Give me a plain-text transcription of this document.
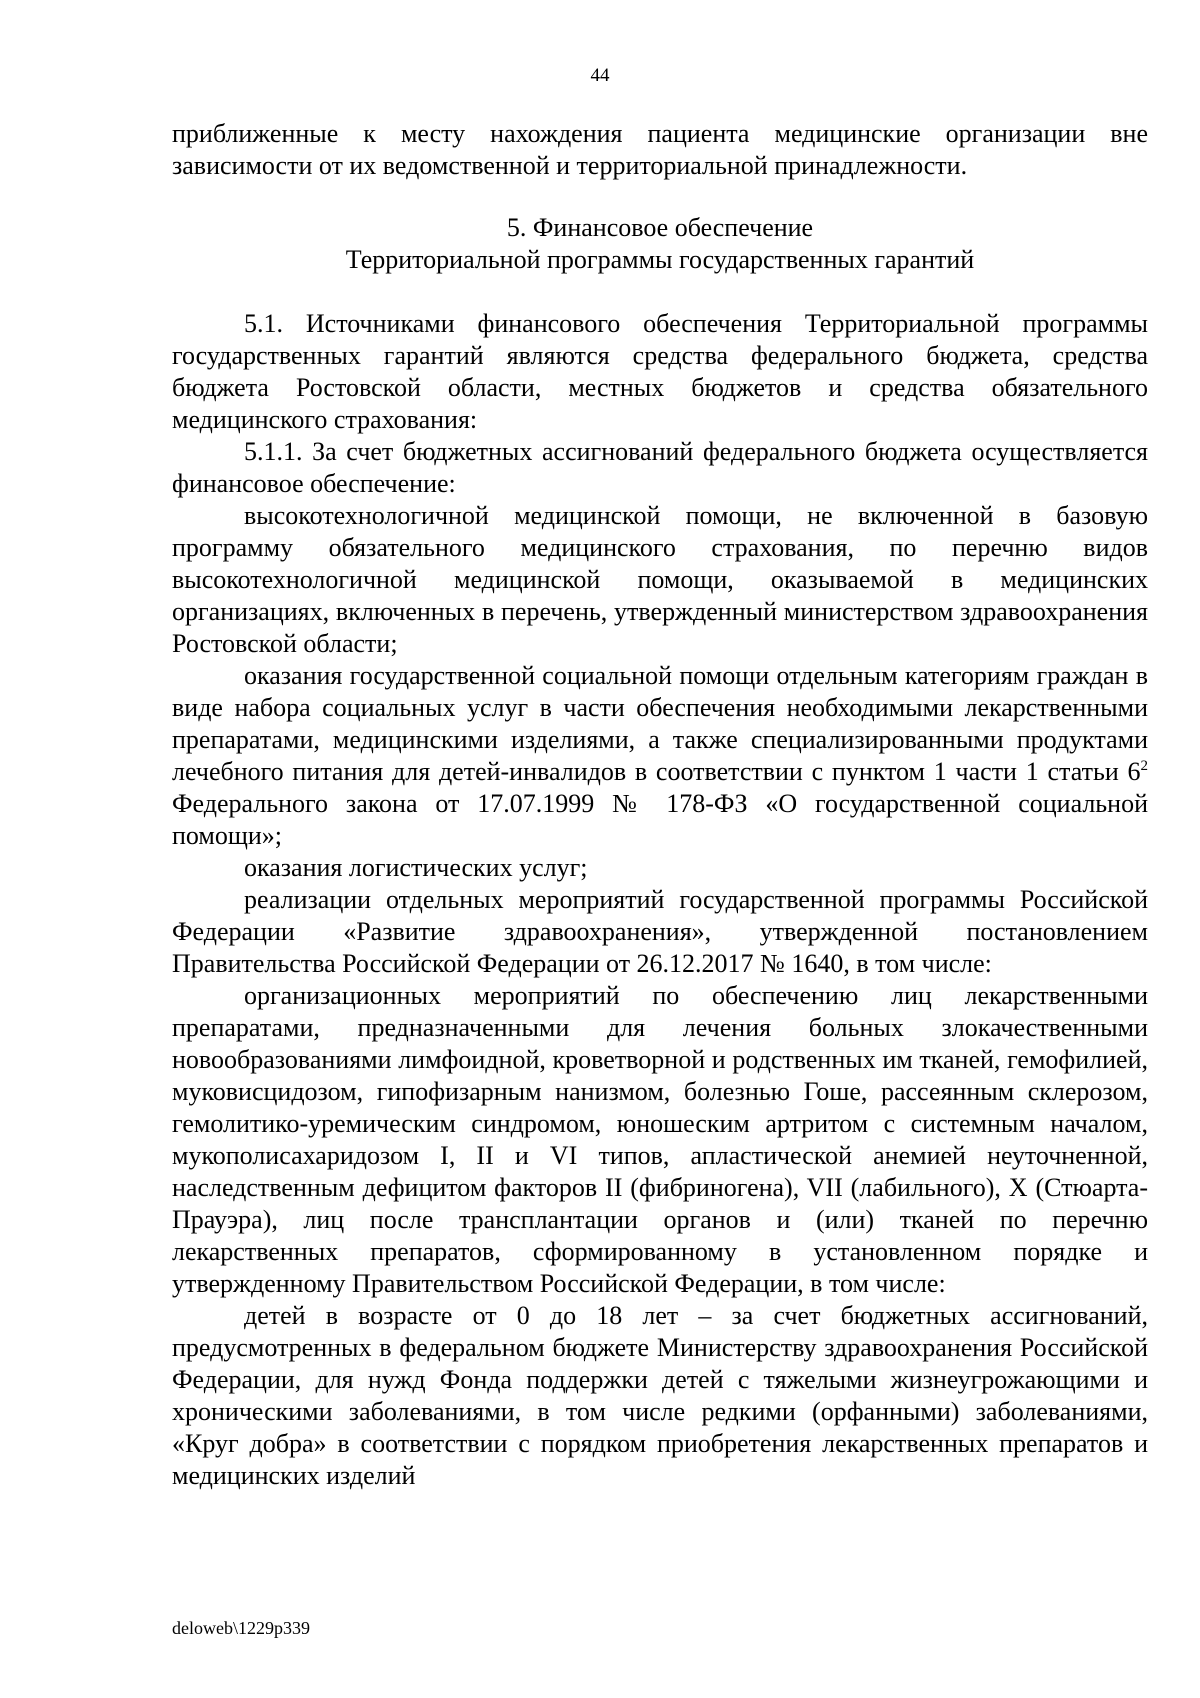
44

приближенные к месту нахождения пациента медицинские организации вне зависимости от их ведомственной и территориальной принадлежности.

5. Финансовое обеспечение

Территориальной программы государственных гарантий

5.1. Источниками финансового обеспечения Территориальной программы государственных гарантий являются средства федерального бюджета, средства бюджета Ростовской области, местных бюджетов и средства обязательного медицинского страхования:

5.1.1. За счет бюджетных ассигнований федерального бюджета осуществляется финансовое обеспечение:

высокотехнологичной медицинской помощи, не включенной в базовую программу обязательного медицинского страхования, по перечню видов высокотехнологичной медицинской помощи, оказываемой в медицинских организациях, включенных в перечень, утвержденный министерством здравоохранения Ростовской области;

оказания государственной социальной помощи отдельным категориям граждан в виде набора социальных услуг в части обеспечения необходимыми лекарственными препаратами, медицинскими изделиями, а также специализированными продуктами лечебного питания для детей-инвалидов в соответствии с пунктом 1 части 1 статьи $6^2$ Федерального закона от 17.07.1999 № 178-ФЗ «О государственной социальной помощи»;

оказания логистических услуг;

реализации отдельных мероприятий государственной программы Российской Федерации «Развитие здравоохранения», утвержденной постановлением Правительства Российской Федерации от 26.12.2017 № 1640, в том числе:

организационных мероприятий по обеспечению лиц лекарственными препаратами, предназначенными для лечения больных злокачественными новообразованиями лимфоидной, кроветворной и родственных им тканей, гемофилией, муковисцидозом, гипофизарным нанизмом, болезнью Гоше, рассеянным склерозом, гемолитико-уремическим синдромом, юношеским артритом с системным началом, мукополисахаридозом I, II и VI типов, апластической анемией неуточненной, наследственным дефицитом факторов II (фибриногена), VII (лабильного), X (Стюарта-Прауэра), лиц после трансплантации органов и (или) тканей по перечню лекарственных препаратов, сформированному в установленном порядке и утвержденному Правительством Российской Федерации, в том числе:

детей в возрасте от 0 до 18 лет – за счет бюджетных ассигнований, предусмотренных в федеральном бюджете Министерству здравоохранения Российской Федерации, для нужд Фонда поддержки детей с тяжелыми жизнеугрожающими и хроническими заболеваниями, в том числе редкими (орфанными) заболеваниями, «Круг добра» в соответствии с порядком приобретения лекарственных препаратов и медицинских изделий

deloweb\1229p339
